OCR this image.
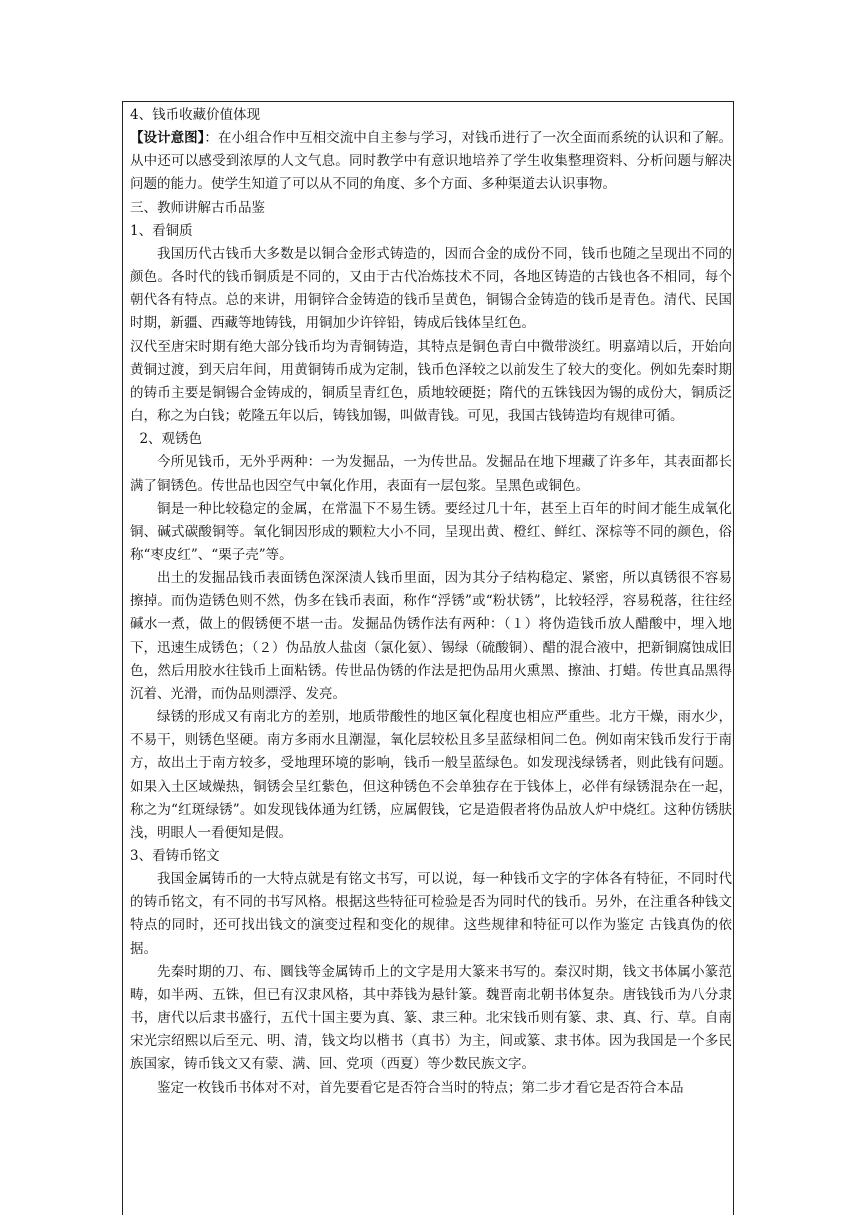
4、钱币收藏价值体现

【设计意图】：在小组合作中互相交流中自主参与学习，对钱币进行了一次全面而系统的认识和了解。从中还可以感受到浓厚的人文气息。同时教学中有意识地培养了学生收集整理资料、分析问题与解决问题的能力。使学生知道了可以从不同的角度、多个方面、多种渠道去认识事物。

三、教师讲解古币品鉴

1、看铜质

我国历代古钱币大多数是以铜合金形式铸造的，因而合金的成份不同，钱币也随之呈现出不同的颜色。各时代的钱币铜质是不同的，又由于古代冶炼技术不同，各地区铸造的古钱也各不相同，每个朝代各有特点。总的来讲，用铜锌合金铸造的钱币呈黄色，铜锡合金铸造的钱币是青色。清代、民国时期，新疆、西藏等地铸钱，用铜加少许锌铅，铸成后钱体呈红色。

汉代至唐宋时期有绝大部分钱币均为青铜铸造，其特点是铜色青白中微带淡红。明嘉靖以后，开始向黄铜过渡，到天启年间，用黄铜铸币成为定制，钱币色泽较之以前发生了较大的变化。例如先秦时期的铸币主要是铜锡合金铸成的，铜质呈青红色，质地较硬挺；隋代的五铢钱因为锡的成份大，铜质泛白，称之为白钱；乾隆五年以后，铸钱加锡，叫做青钱。可见，我国古钱铸造均有规律可循。

2、观锈色

今所见钱币，无外乎两种：一为发掘品，一为传世品。发掘品在地下埋藏了许多年，其表面都长满了铜锈色。传世品也因空气中氧化作用，表面有一层包浆。呈黑色或铜色。

铜是一种比较稳定的金属，在常温下不易生锈。要经过几十年，甚至上百年的时间才能生成氧化铜、碱式碳酸铜等。氧化铜因形成的颗粒大小不同，呈现出黄、橙红、鲜红、深棕等不同的颜色，俗称“枣皮红”、“栗子壳”等。

出土的发掘品钱币表面锈色深深渍人钱币里面，因为其分子结构稳定、紧密，所以真锈很不容易擦掉。而伪造锈色则不然，伪多在钱币表面，称作“浮锈”或“粉状锈”，比较轻浮，容易税落，往往经碱水一煮，做上的假锈便不堪一击。发掘品伪锈作法有两种：（１）将伪造钱币放人醋酸中，埋入地下，迅速生成锈色；（２）伪品放人盐卤（氯化氨）、锡绿（硫酸铜）、醋的混合液中，把新铜腐蚀成旧色，然后用胶水往钱币上面粘锈。传世品伪锈的作法是把伪品用火熏黑、擦油、打蜡。传世真品黑得沉着、光滑，而伪品则漂浮、发亮。

绿锈的形成又有南北方的差别，地质带酸性的地区氧化程度也相应严重些。北方干燥，雨水少，不易干，则锈色坚硬。南方多雨水且潮湿，氧化层较松且多呈蓝绿相间二色。例如南宋钱币发行于南方，故出土于南方较多，受地理环境的影响，钱币一般呈蓝绿色。如发现浅绿锈者，则此钱有问题。如果入土区域燥热，铜锈会呈红紫色，但这种锈色不会单独存在于钱体上，必伴有绿锈混杂在一起，称之为“红斑绿锈”。如发现钱体通为红锈，应属假钱，它是造假者将伪品放人炉中烧红。这种仿锈肤浅，明眼人一看便知是假。

3、看铸币铭文

我国金属铸币的一大特点就是有铭文书写，可以说，每一种钱币文字的字体各有特征，不同时代的铸币铭文，有不同的书写风格。根据这些特征可检验是否为同时代的钱币。另外，在注重各种钱文特点的同时，还可找出钱文的演变过程和变化的规律。这些规律和特征可以作为鉴定 古钱真伪的依据。

先秦时期的刀、布、圜钱等金属铸币上的文字是用大篆来书写的。秦汉时期，钱文书体属小篆范畴，如半两、五铢，但已有汉隶风格，其中莽钱为悬针篆。魏晋南北朝书体复杂。唐钱钱币为八分隶书，唐代以后隶书盛行，五代十国主要为真、篆、隶三种。北宋钱币则有篆、隶、真、行、草。自南宋光宗绍熙以后至元、明、清，钱文均以楷书（真书）为主，间或篆、隶书体。因为我国是一个多民族国家，铸币钱文又有蒙、满、回、党项（西夏）等少数民族文字。

鉴定一枚钱币书体对不对，首先要看它是否符合当时的特点；第二步才看它是否符合本品
